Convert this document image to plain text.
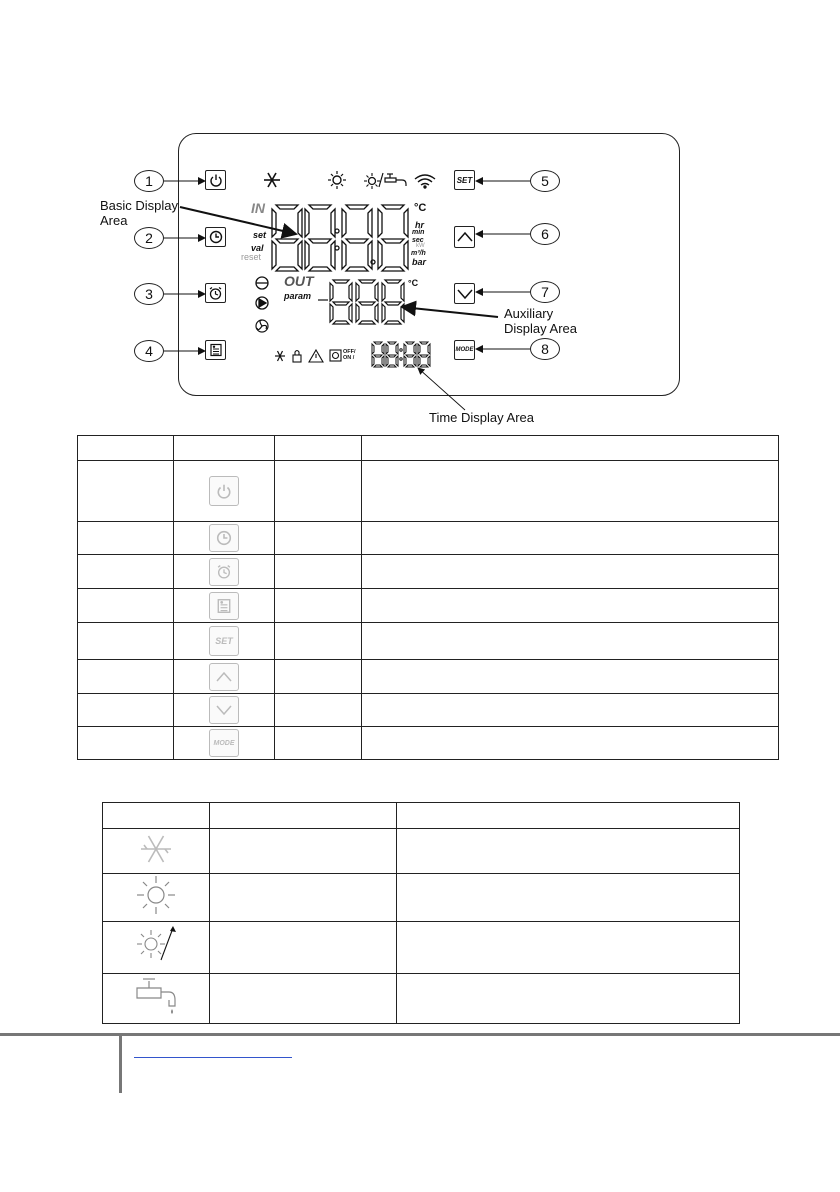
SET
MODE
1
2
3
4
5
6
7
8
IN
set
val
reset
°C
hr
min
sec
kW
m³/h
bar
OUT
param
°C
OFF/
ON /
Basic Display
Area
Auxiliary
Display Area
Time Display Area

	SET		

	MODE		
